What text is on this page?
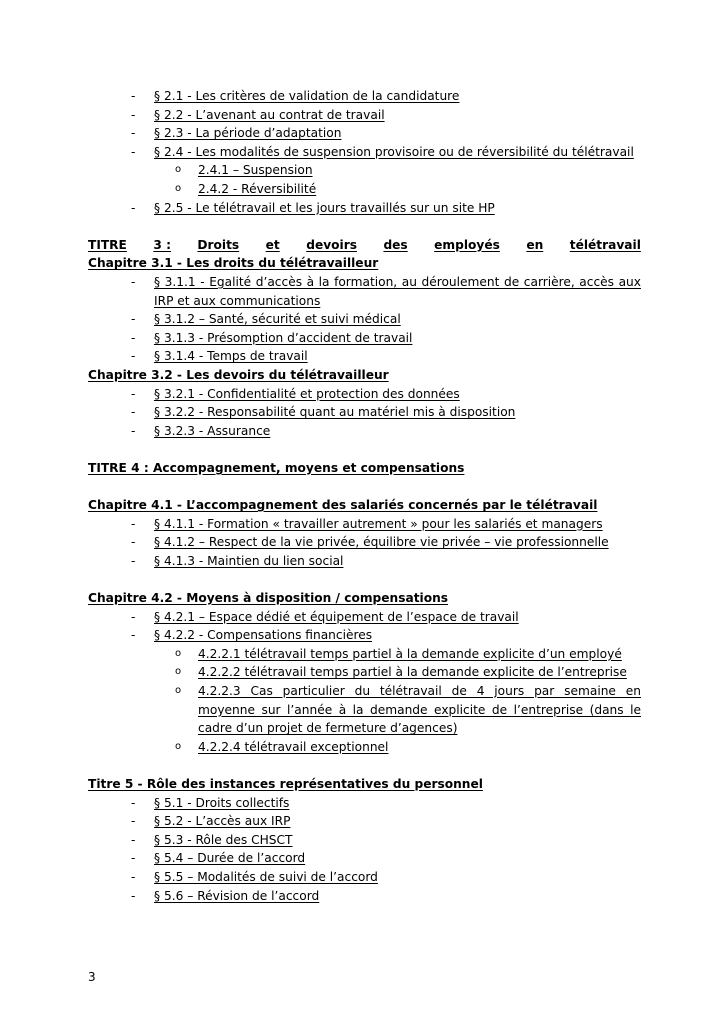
- § 2.1 - Les critères de validation de la candidature
- § 2.2 - L’avenant au contrat de travail
- § 2.3 - La période d’adaptation
- § 2.4 - Les modalités de suspension provisoire ou de réversibilité du télétravail
o 2.4.1 – Suspension
o 2.4.2 - Réversibilité
- § 2.5 - Le télétravail et les jours travaillés sur un site HP
TITRE 3 : Droits et devoirs des employés en télétravail
Chapitre 3.1 - Les droits du télétravailleur
- § 3.1.1 - Egalité d’accès à la formation, au déroulement de carrière, accès aux IRP et aux communications
- § 3.1.2 – Santé, sécurité et suivi médical
- § 3.1.3 - Présomption d’accident de travail
- § 3.1.4 - Temps de travail
Chapitre 3.2 - Les devoirs du télétravailleur
- § 3.2.1 - Confidentialité et protection des données
- § 3.2.2 - Responsabilité quant au matériel mis à disposition
- § 3.2.3 - Assurance
TITRE 4 : Accompagnement, moyens et compensations
Chapitre 4.1 - L’accompagnement des salariés concernés par le télétravail
- § 4.1.1 - Formation « travailler autrement » pour les salariés et managers
- § 4.1.2 – Respect de la vie privée, équilibre vie privée – vie professionnelle
- § 4.1.3 - Maintien du lien social
Chapitre 4.2 - Moyens à disposition / compensations
- § 4.2.1 – Espace dédié et équipement de l’espace de travail
- § 4.2.2 - Compensations financières
o 4.2.2.1 télétravail temps partiel à la demande explicite d’un employé
o 4.2.2.2 télétravail temps partiel à la demande explicite de l’entreprise
o 4.2.2.3 Cas particulier du télétravail de 4 jours par semaine en moyenne sur l’année à la demande explicite de l’entreprise (dans le cadre d’un projet de fermeture d’agences)
o 4.2.2.4 télétravail exceptionnel
Titre 5 - Rôle des instances représentatives du personnel
- § 5.1 - Droits collectifs
- § 5.2 - L’accès aux IRP
- § 5.3 - Rôle des CHSCT
- § 5.4 – Durée de l’accord
- § 5.5 – Modalités de suivi de l’accord
- § 5.6 – Révision de l’accord
3
